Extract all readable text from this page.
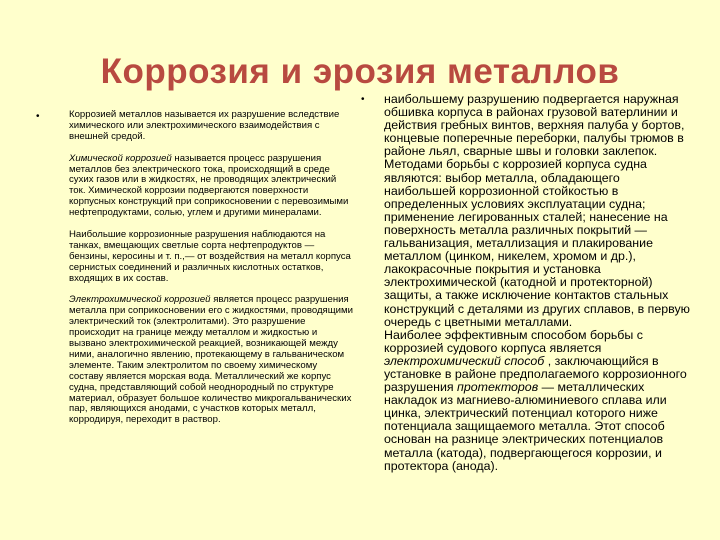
Коррозия и эрозия металлов
•	Коррозией металлов называется их разрушение вследствие химического или электрохимического взаимодействия с внешней средой.

Химической коррозией называется процесс разрушения металлов без электрического тока, происходящий в среде сухих газов или в жидкостях, не проводящих электрический ток. Химической коррозии подвергаются поверхности корпусных конструкций при соприкосновении с перевозимыми нефтепродуктами, солью, углем и другими минералами.

Наибольшие коррозионные разрушения наблюдаются на танках, вмещающих светлые сорта нефтепродуктов — бензины, керосины и т. п.,— от воздействия на металл корпуса сернистых соединений и различных кислотных остатков, входящих в их состав.

Электрохимической коррозией является процесс разрушения металла при соприкосновении его с жидкостями, проводящими электрический ток (электролитами). Это разрушение происходит на границе между металлом и жидкостью и вызвано электрохимической реакцией, возникающей между ними, аналогично явлению, протекающему в гальваническом элементе. Таким электролитом по своему химическому составу является морская вода. Металлический же корпус судна, представляющий собой неоднородный по структуре материал, образует большое количество микрогальванических пар, являющихся анодами, с участков которых металл, корродируя, переходит в раствор.

• наибольшему разрушению подвергается наружная обшивка корпуса в районах грузовой ватерлинии и действия гребных винтов, верхняя палуба у бортов, концевые поперечные переборки, палубы трюмов в районе льял, сварные швы и головки заклепок.

Методами борьбы с коррозией корпуса судна являются: выбор металла, обладающего наибольшей коррозионной стойкостью в определенных условиях эксплуатации судна; применение легированных сталей; нанесение на поверхность металла различных покрытий — гальванизация, металлизация и плакирование металлом (цинком, никелем, хромом и др.), лакокрасочные покрытия и установка электрохимической (катодной и протекторной) защиты, а также исключение контактов стальных конструкций с деталями из других сплавов, в первую очередь с цветными металлами.

Наиболее эффективным способом борьбы с коррозией судового корпуса является электрохимический способ , заключающийся в установке в районе предполагаемого коррозионного разрушения протекторов — металлических накладок из магниево-алюминиевого сплава или цинка, электрический потенциал которого ниже потенциала защищаемого металла. Этот способ основан на разнице электрических потенциалов металла (катода), подвергающегося коррозии, и протектора (анода).
